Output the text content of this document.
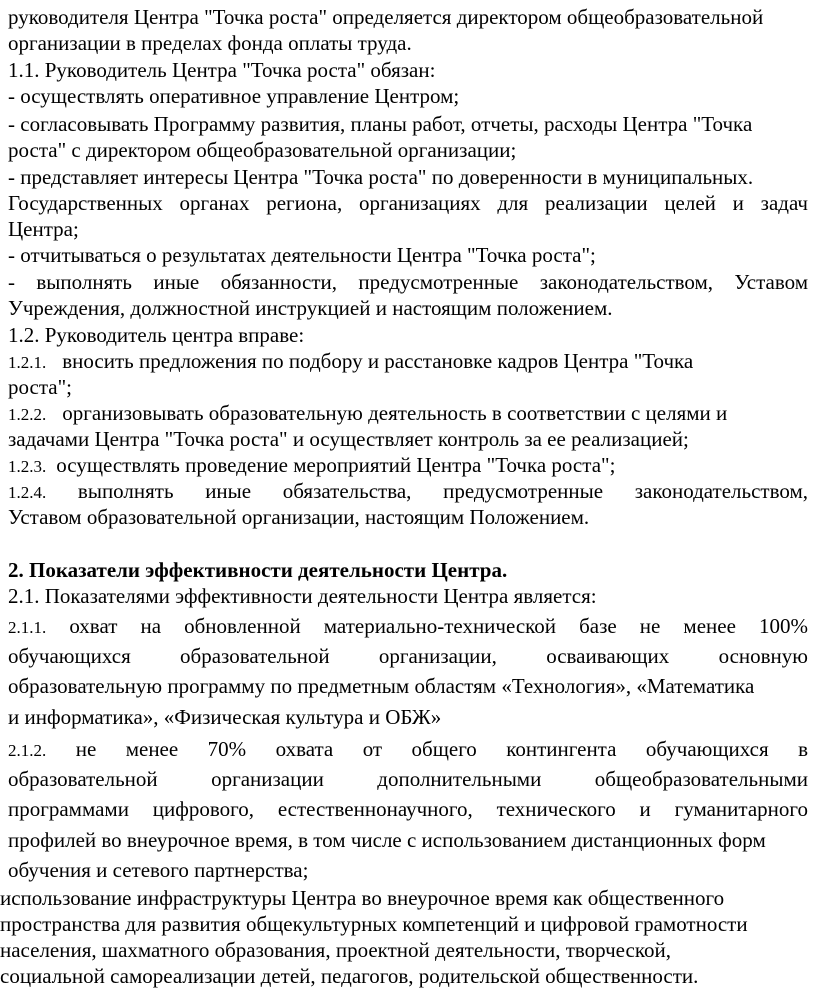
руководителя Центра "Точка роста" определяется директором общеобразовательной
организации в пределах фонда оплаты труда.
1.1. Руководитель Центра "Точка роста" обязан:
- осуществлять оперативное управление Центром;
- согласовывать Программу развития, планы работ, отчеты, расходы Центра "Точка
роста" с директором общеобразовательной организации;
- представляет интересы Центра "Точка роста" по доверенности в муниципальных.
Государственных органах региона, организациях для реализации целей и задач
Центра;
- отчитываться о результатах деятельности Центра "Точка роста";
- выполнять иные обязанности, предусмотренные законодательством, Уставом
Учреждения, должностной инструкцией и настоящим положением.
1.2. Руководитель центра вправе:
1.2.1. вносить предложения по подбору и расстановке кадров Центра "Точка
роста";
1.2.2. организовывать образовательную деятельность в соответствии с целями и
задачами Центра "Точка роста" и осуществляет контроль за ее реализацией;
1.2.3. осуществлять проведение мероприятий Центра "Точка роста";
1.2.4. выполнять иные обязательства, предусмотренные законодательством,
Уставом образовательной организации, настоящим Положением.
2. Показатели эффективности деятельности Центра.
2.1. Показателями эффективности деятельности Центра является:
2.1.1. охват на обновленной материально-технической базе не менее 100%
обучающихся образовательной организации, осваивающих основную
образовательную программу по предметным областям «Технология», «Математика
и информатика», «Физическая культура и ОБЖ»
2.1.2. не менее 70% охвата от общего контингента обучающихся в
образовательной организации дополнительными общеобразовательными
программами цифрового, естественнонаучного, технического и гуманитарного
профилей во внеурочное время, в том числе с использованием дистанционных форм
обучения и сетевого партнерства;
использование инфраструктуры Центра во внеурочное время как общественного
пространства для развития общекультурных компетенций и цифровой грамотности
населения, шахматного образования, проектной деятельности, творческой,
социальной самореализации детей, педагогов, родительской общественности.
